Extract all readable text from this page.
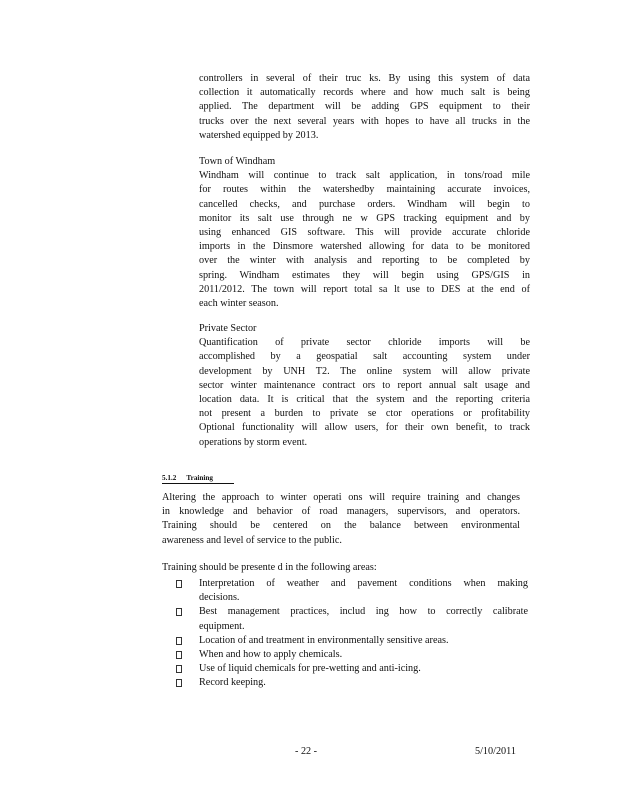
controllers in several of their truc ks. By using this system of data
collection it automatically records where and how much salt is being
applied. The department will be adding GPS equipment to their
trucks over the next several years with hopes to have all trucks in the
watershed equipped by 2013.
Town of Windham
Windham will continue to track salt application, in tons/road mile
for routes within the watershedby maintaining accurate invoices,
cancelled checks, and purchase orders. Windham will begin to
monitor its salt use through ne w GPS tracking equipment and by
using enhanced GIS software. This will provide accurate chloride
imports in the Dinsmore watershed allowing for data to be monitored
over the winter with analysis and reporting to be completed by
spring. Windham estimates they will begin using GPS/GIS in
2011/2012. The town will report total sa lt use to DES at the end of
each winter season.
Private Sector
Quantification of private sector chloride imports will be
accomplished by a geospatial salt accounting system under
development by UNH T2. The online system will allow private
sector winter maintenance contract ors to report annual salt usage and
location data. It is critical that the system and the reporting criteria
not present a burden to private se ctor operations or profitability
Optional functionality will allow users, for their own benefit, to track
operations by storm event.
5.1.2 Training
Altering the approach to winter operati ons will require training and changes
in knowledge and behavior of road managers, supervisors, and operators.
Training should be centered on the balance between environmental
awareness and level of service to the public.
Training should be presente d in the following areas:
Interpretation of weather and pavement conditions when making
decisions.
Best management practices, includ ing how to correctly calibrate
equipment.
Location of and treatment in environmentally sensitive areas.
When and how to apply chemicals.
Use of liquid chemicals for pre-wetting and anti-icing.
Record keeping.
- 22 -	5/10/2011
